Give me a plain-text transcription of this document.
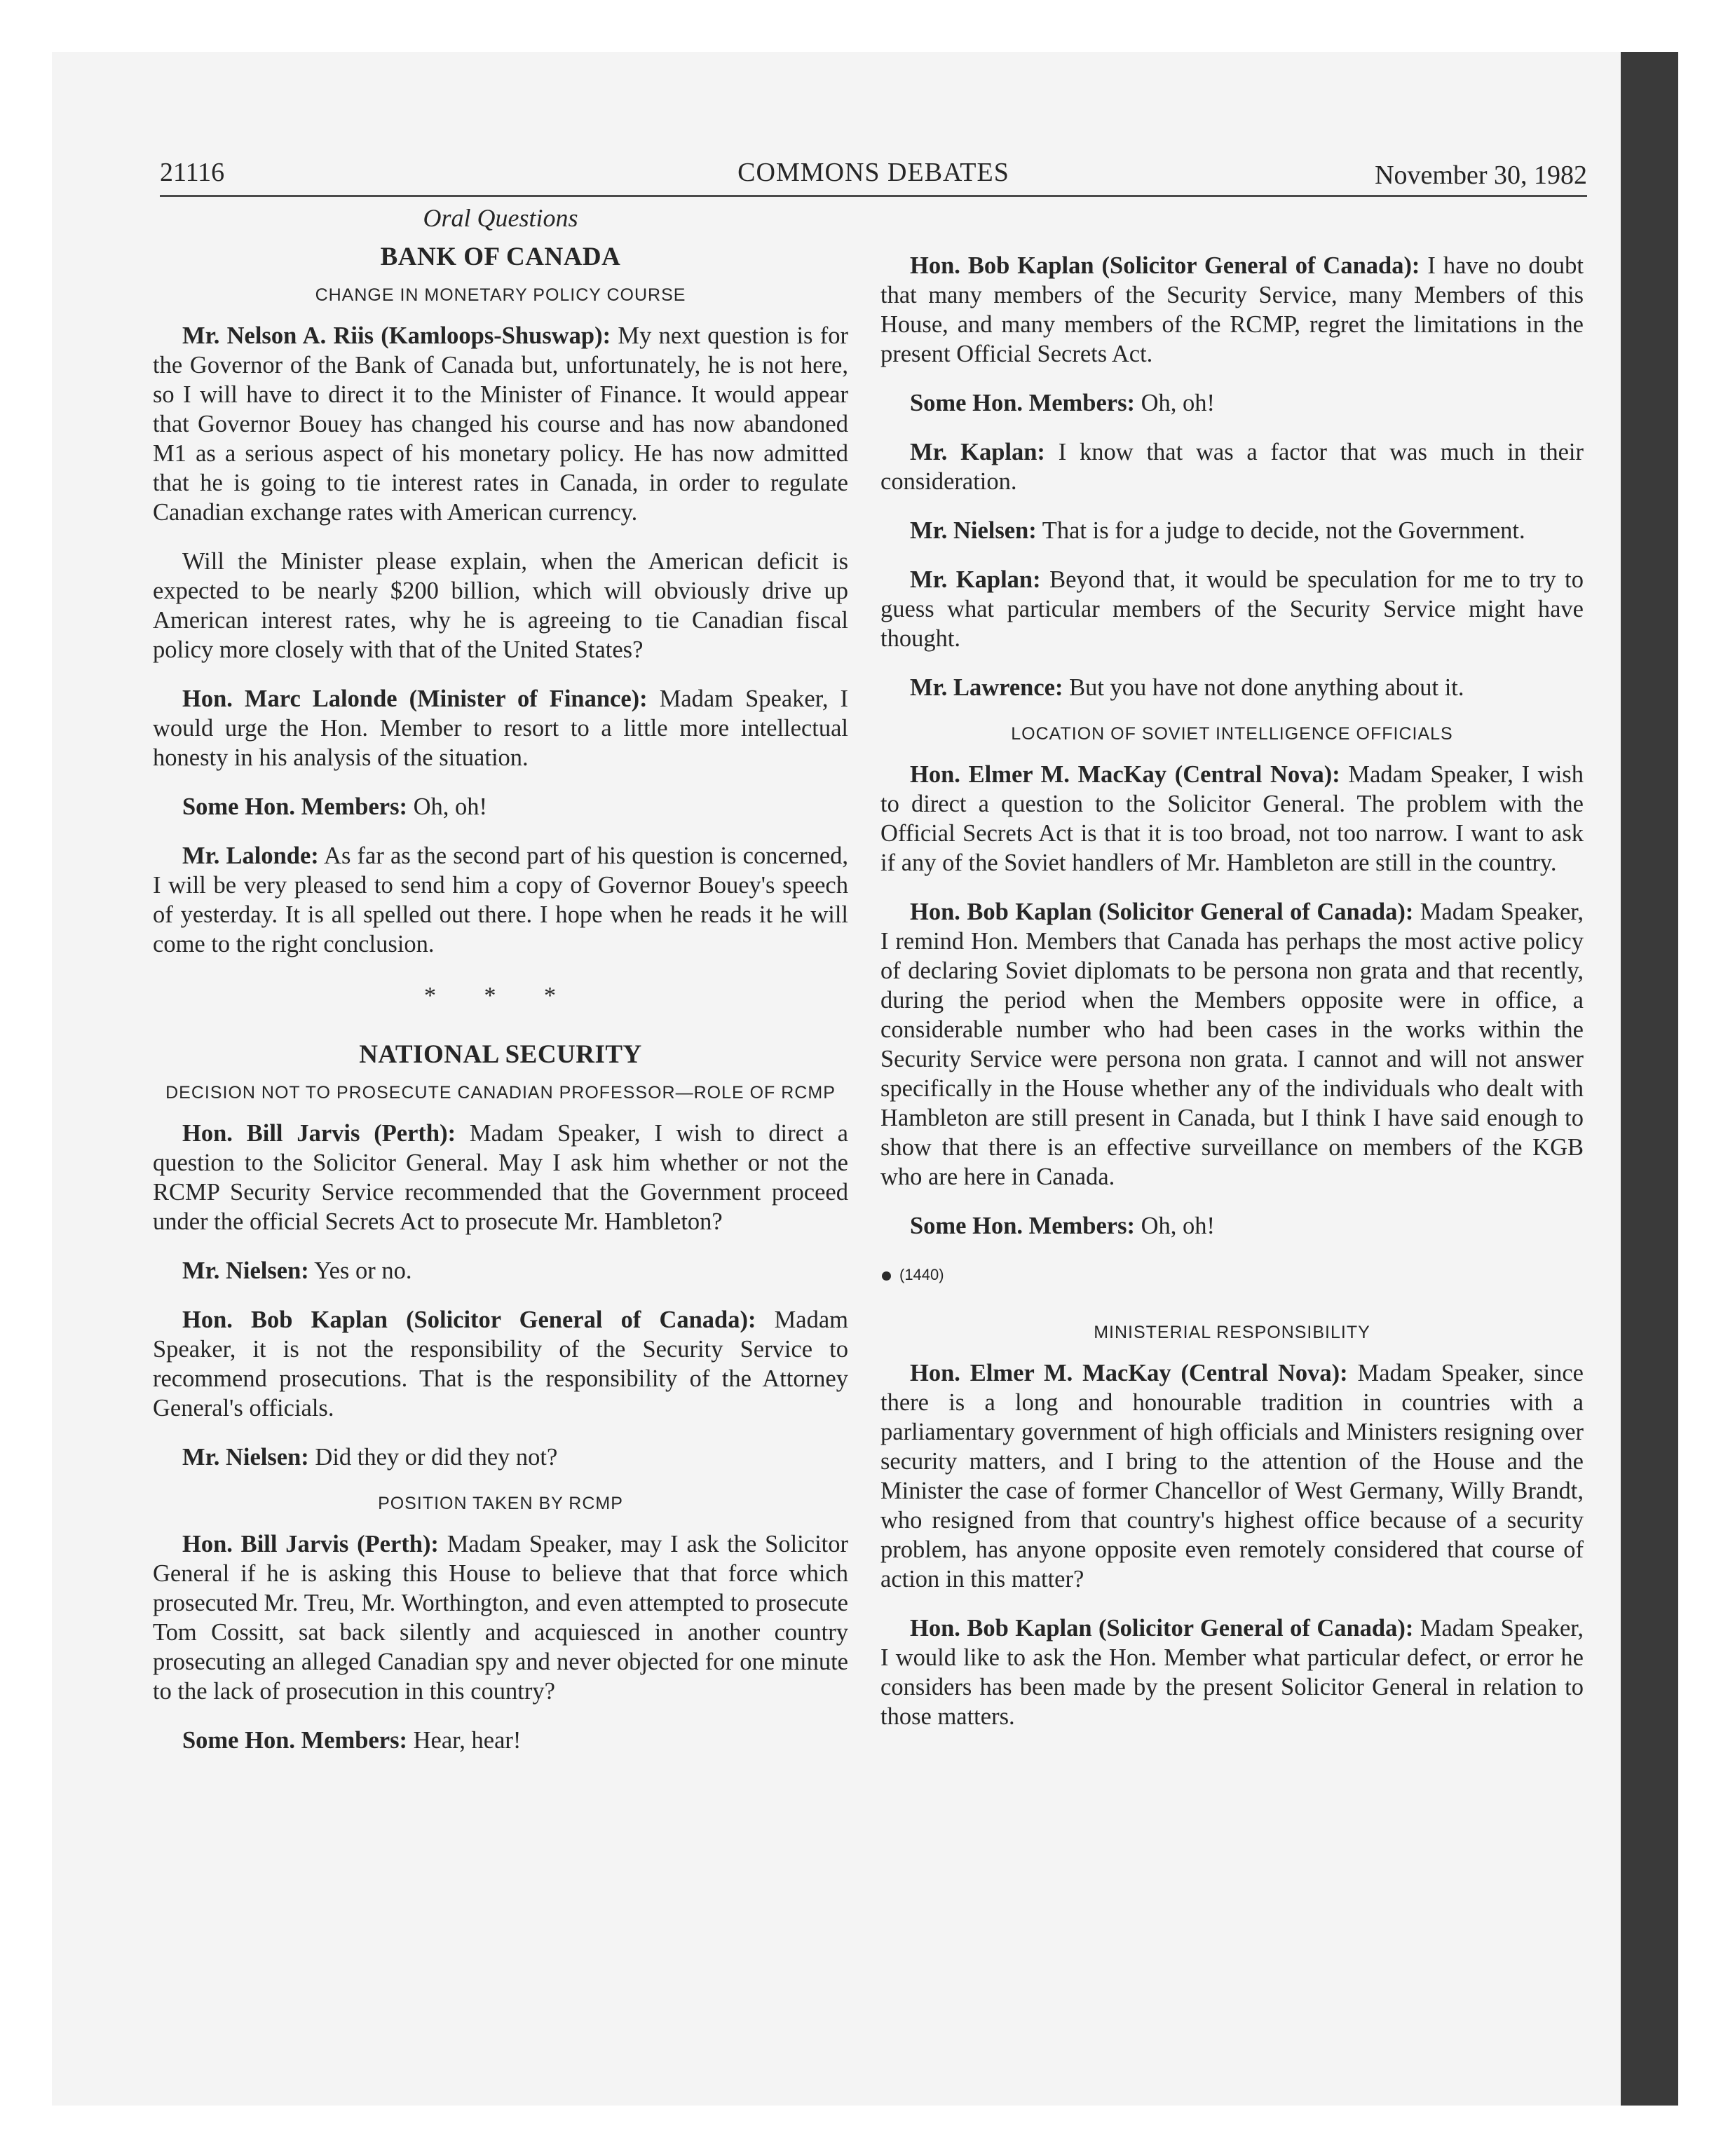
21116	COMMONS DEBATES	November 30, 1982
Oral Questions
BANK OF CANADA
CHANGE IN MONETARY POLICY COURSE

Mr. Nelson A. Riis (Kamloops-Shuswap): My next question is for the Governor of the Bank of Canada but, unfortunately, he is not here, so I will have to direct it to the Minister of Finance. It would appear that Governor Bouey has changed his course and has now abandoned M1 as a serious aspect of his monetary policy. He has now admitted that he is going to tie interest rates in Canada, in order to regulate Canadian exchange rates with American currency.

Will the Minister please explain, when the American deficit is expected to be nearly $200 billion, which will obviously drive up American interest rates, why he is agreeing to tie Canadian fiscal policy more closely with that of the United States?

Hon. Marc Lalonde (Minister of Finance): Madam Speaker, I would urge the Hon. Member to resort to a little more intellectual honesty in his analysis of the situation.

Some Hon. Members: Oh, oh!

Mr. Lalonde: As far as the second part of his question is concerned, I will be very pleased to send him a copy of Governor Bouey's speech of yesterday. It is all spelled out there. I hope when he reads it he will come to the right conclusion.

* * *
NATIONAL SECURITY
DECISION NOT TO PROSECUTE CANADIAN PROFESSOR—ROLE OF RCMP

Hon. Bill Jarvis (Perth): Madam Speaker, I wish to direct a question to the Solicitor General. May I ask him whether or not the RCMP Security Service recommended that the Government proceed under the official Secrets Act to prosecute Mr. Hambleton?

Mr. Nielsen: Yes or no.

Hon. Bob Kaplan (Solicitor General of Canada): Madam Speaker, it is not the responsibility of the Security Service to recommend prosecutions. That is the responsibility of the Attorney General's officials.

Mr. Nielsen: Did they or did they not?

POSITION TAKEN BY RCMP

Hon. Bill Jarvis (Perth): Madam Speaker, may I ask the Solicitor General if he is asking this House to believe that that force which prosecuted Mr. Treu, Mr. Worthington, and even attempted to prosecute Tom Cossitt, sat back silently and acquiesced in another country prosecuting an alleged Canadian spy and never objected for one minute to the lack of prosecution in this country?

Some Hon. Members: Hear, hear!

Hon. Bob Kaplan (Solicitor General of Canada): I have no doubt that many members of the Security Service, many Members of this House, and many members of the RCMP, regret the limitations in the present Official Secrets Act.

Some Hon. Members: Oh, oh!

Mr. Kaplan: I know that was a factor that was much in their consideration.

Mr. Nielsen: That is for a judge to decide, not the Government.

Mr. Kaplan: Beyond that, it would be speculation for me to try to guess what particular members of the Security Service might have thought.

Mr. Lawrence: But you have not done anything about it.

LOCATION OF SOVIET INTELLIGENCE OFFICIALS

Hon. Elmer M. MacKay (Central Nova): Madam Speaker, I wish to direct a question to the Solicitor General. The problem with the Official Secrets Act is that it is too broad, not too narrow. I want to ask if any of the Soviet handlers of Mr. Hambleton are still in the country.

Hon. Bob Kaplan (Solicitor General of Canada): Madam Speaker, I remind Hon. Members that Canada has perhaps the most active policy of declaring Soviet diplomats to be persona non grata and that recently, during the period when the Members opposite were in office, a considerable number who had been cases in the works within the Security Service were persona non grata. I cannot and will not answer specifically in the House whether any of the individuals who dealt with Hambleton are still present in Canada, but I think I have said enough to show that there is an effective surveillance on members of the KGB who are here in Canada.

Some Hon. Members: Oh, oh!

(1440)
MINISTERIAL RESPONSIBILITY

Hon. Elmer M. MacKay (Central Nova): Madam Speaker, since there is a long and honourable tradition in countries with a parliamentary government of high officials and Ministers resigning over security matters, and I bring to the attention of the House and the Minister the case of former Chancellor of West Germany, Willy Brandt, who resigned from that country's highest office because of a security problem, has anyone opposite even remotely considered that course of action in this matter?

Hon. Bob Kaplan (Solicitor General of Canada): Madam Speaker, I would like to ask the Hon. Member what particular defect, or error he considers has been made by the present Solicitor General in relation to those matters.
